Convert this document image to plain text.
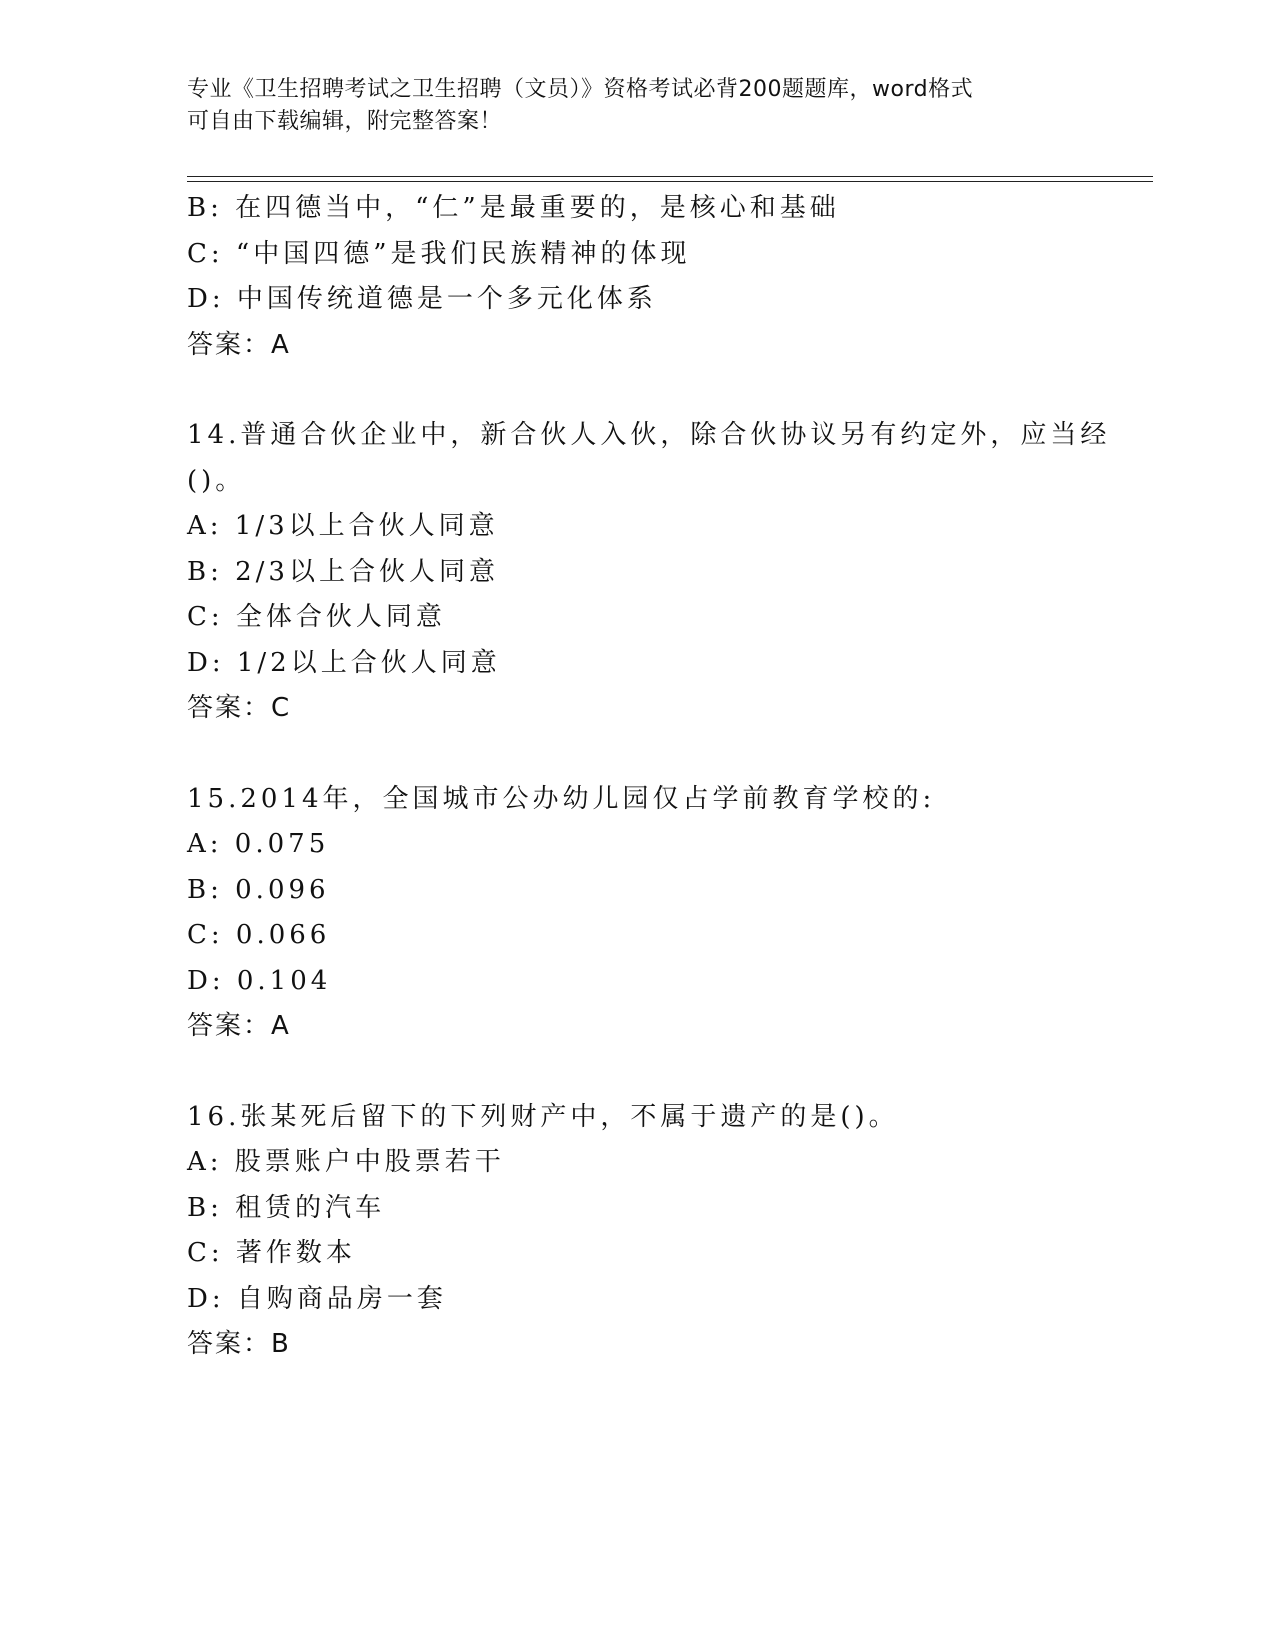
专业《卫生招聘考试之卫生招聘（文员）》资格考试必背200题题库，word格式
可自由下载编辑，附完整答案！
B: 在四德当中，“仁”是最重要的，是核心和基础
C: “中国四德”是我们民族精神的体现
D: 中国传统道德是一个多元化体系
答案：A
14.普通合伙企业中，新合伙人入伙，除合伙协议另有约定外，应当经
()。
A: 1/3以上合伙人同意
B: 2/3以上合伙人同意
C: 全体合伙人同意
D: 1/2以上合伙人同意
答案：C
15.2014年，全国城市公办幼儿园仅占学前教育学校的:
A: 0.075
B: 0.096
C: 0.066
D: 0.104
答案：A
16.张某死后留下的下列财产中，不属于遗产的是()。
A: 股票账户中股票若干
B: 租赁的汽车
C: 著作数本
D: 自购商品房一套
答案：B
